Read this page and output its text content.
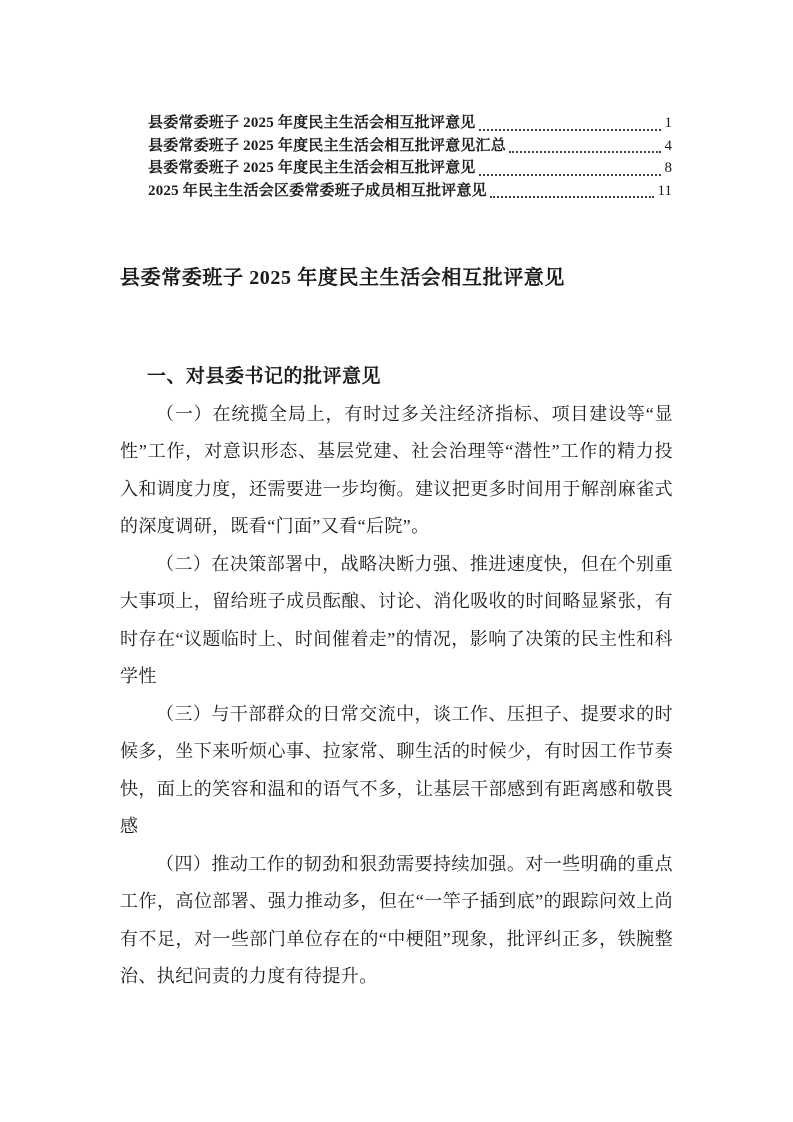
县委常委班子 2025 年度民主生活会相互批评意见	1
县委常委班子 2025 年度民主生活会相互批评意见汇总	4
县委常委班子 2025 年度民主生活会相互批评意见	8
2025 年民主生活会区委常委班子成员相互批评意见	11
县委常委班子 2025 年度民主生活会相互批评意见
一、对县委书记的批评意见

（一）在统揽全局上，有时过多关注经济指标、项目建设等“显性”工作，对意识形态、基层党建、社会治理等“潜性”工作的精力投入和调度力度，还需要进一步均衡。建议把更多时间用于解剖麻雀式的深度调研，既看“门面”又看“后院”。

（二）在决策部署中，战略决断力强、推进速度快，但在个别重大事项上，留给班子成员酝酿、讨论、消化吸收的时间略显紧张，有时存在“议题临时上、时间催着走”的情况，影响了决策的民主性和科学性

（三）与干部群众的日常交流中，谈工作、压担子、提要求的时候多，坐下来听烦心事、拉家常、聊生活的时候少，有时因工作节奏快，面上的笑容和温和的语气不多，让基层干部感到有距离感和敬畏感

（四）推动工作的韧劲和狠劲需要持续加强。对一些明确的重点工作，高位部署、强力推动多，但在“一竿子插到底”的跟踪问效上尚有不足，对一些部门单位存在的“中梗阻”现象，批评纠正多，铁腕整治、执纪问责的力度有待提升。
